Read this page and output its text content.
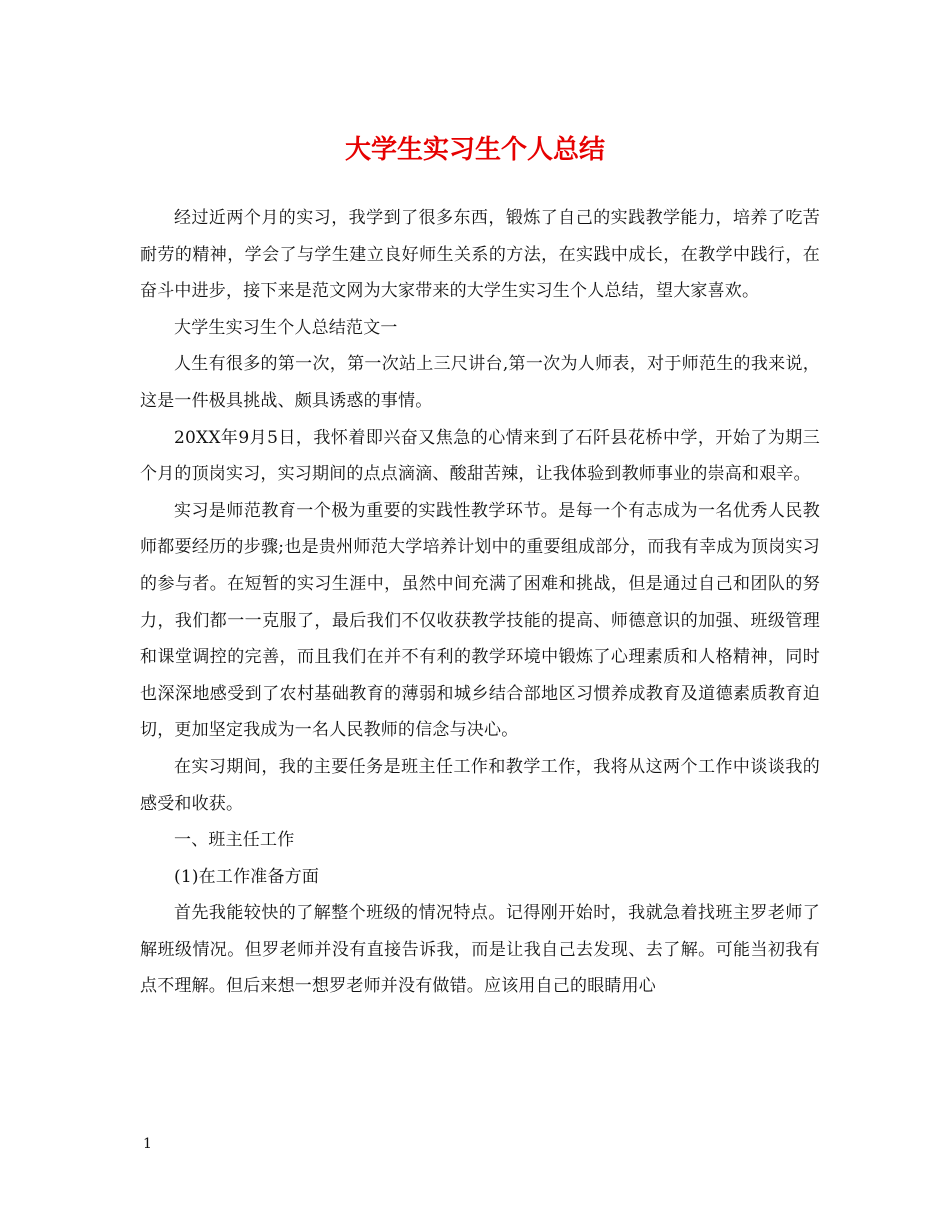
大学生实习生个人总结

经过近两个月的实习，我学到了很多东西，锻炼了自己的实践教学能力，培养了吃苦耐劳的精神，学会了与学生建立良好师生关系的方法，在实践中成长，在教学中践行，在奋斗中进步，接下来是范文网为大家带来的大学生实习生个人总结，望大家喜欢。

大学生实习生个人总结范文一

人生有很多的第一次，第一次站上三尺讲台,第一次为人师表，对于师范生的我来说，这是一件极具挑战、颇具诱惑的事情。

20XX年9月5日，我怀着即兴奋又焦急的心情来到了石阡县花桥中学，开始了为期三个月的顶岗实习，实习期间的点点滴滴、酸甜苦辣，让我体验到教师事业的崇高和艰辛。

实习是师范教育一个极为重要的实践性教学环节。是每一个有志成为一名优秀人民教师都要经历的步骤;也是贵州师范大学培养计划中的重要组成部分，而我有幸成为顶岗实习的参与者。在短暂的实习生涯中，虽然中间充满了困难和挑战，但是通过自己和团队的努力，我们都一一克服了，最后我们不仅收获教学技能的提高、师德意识的加强、班级管理和课堂调控的完善，而且我们在并不有利的教学环境中锻炼了心理素质和人格精神，同时也深深地感受到了农村基础教育的薄弱和城乡结合部地区习惯养成教育及道德素质教育迫切，更加坚定我成为一名人民教师的信念与决心。

在实习期间，我的主要任务是班主任工作和教学工作，我将从这两个工作中谈谈我的感受和收获。

一、班主任工作

(1)在工作准备方面

首先我能较快的了解整个班级的情况特点。记得刚开始时，我就急着找班主罗老师了解班级情况。但罗老师并没有直接告诉我，而是让我自己去发现、去了解。可能当初我有点不理解。但后来想一想罗老师并没有做错。应该用自己的眼睛用心

1
